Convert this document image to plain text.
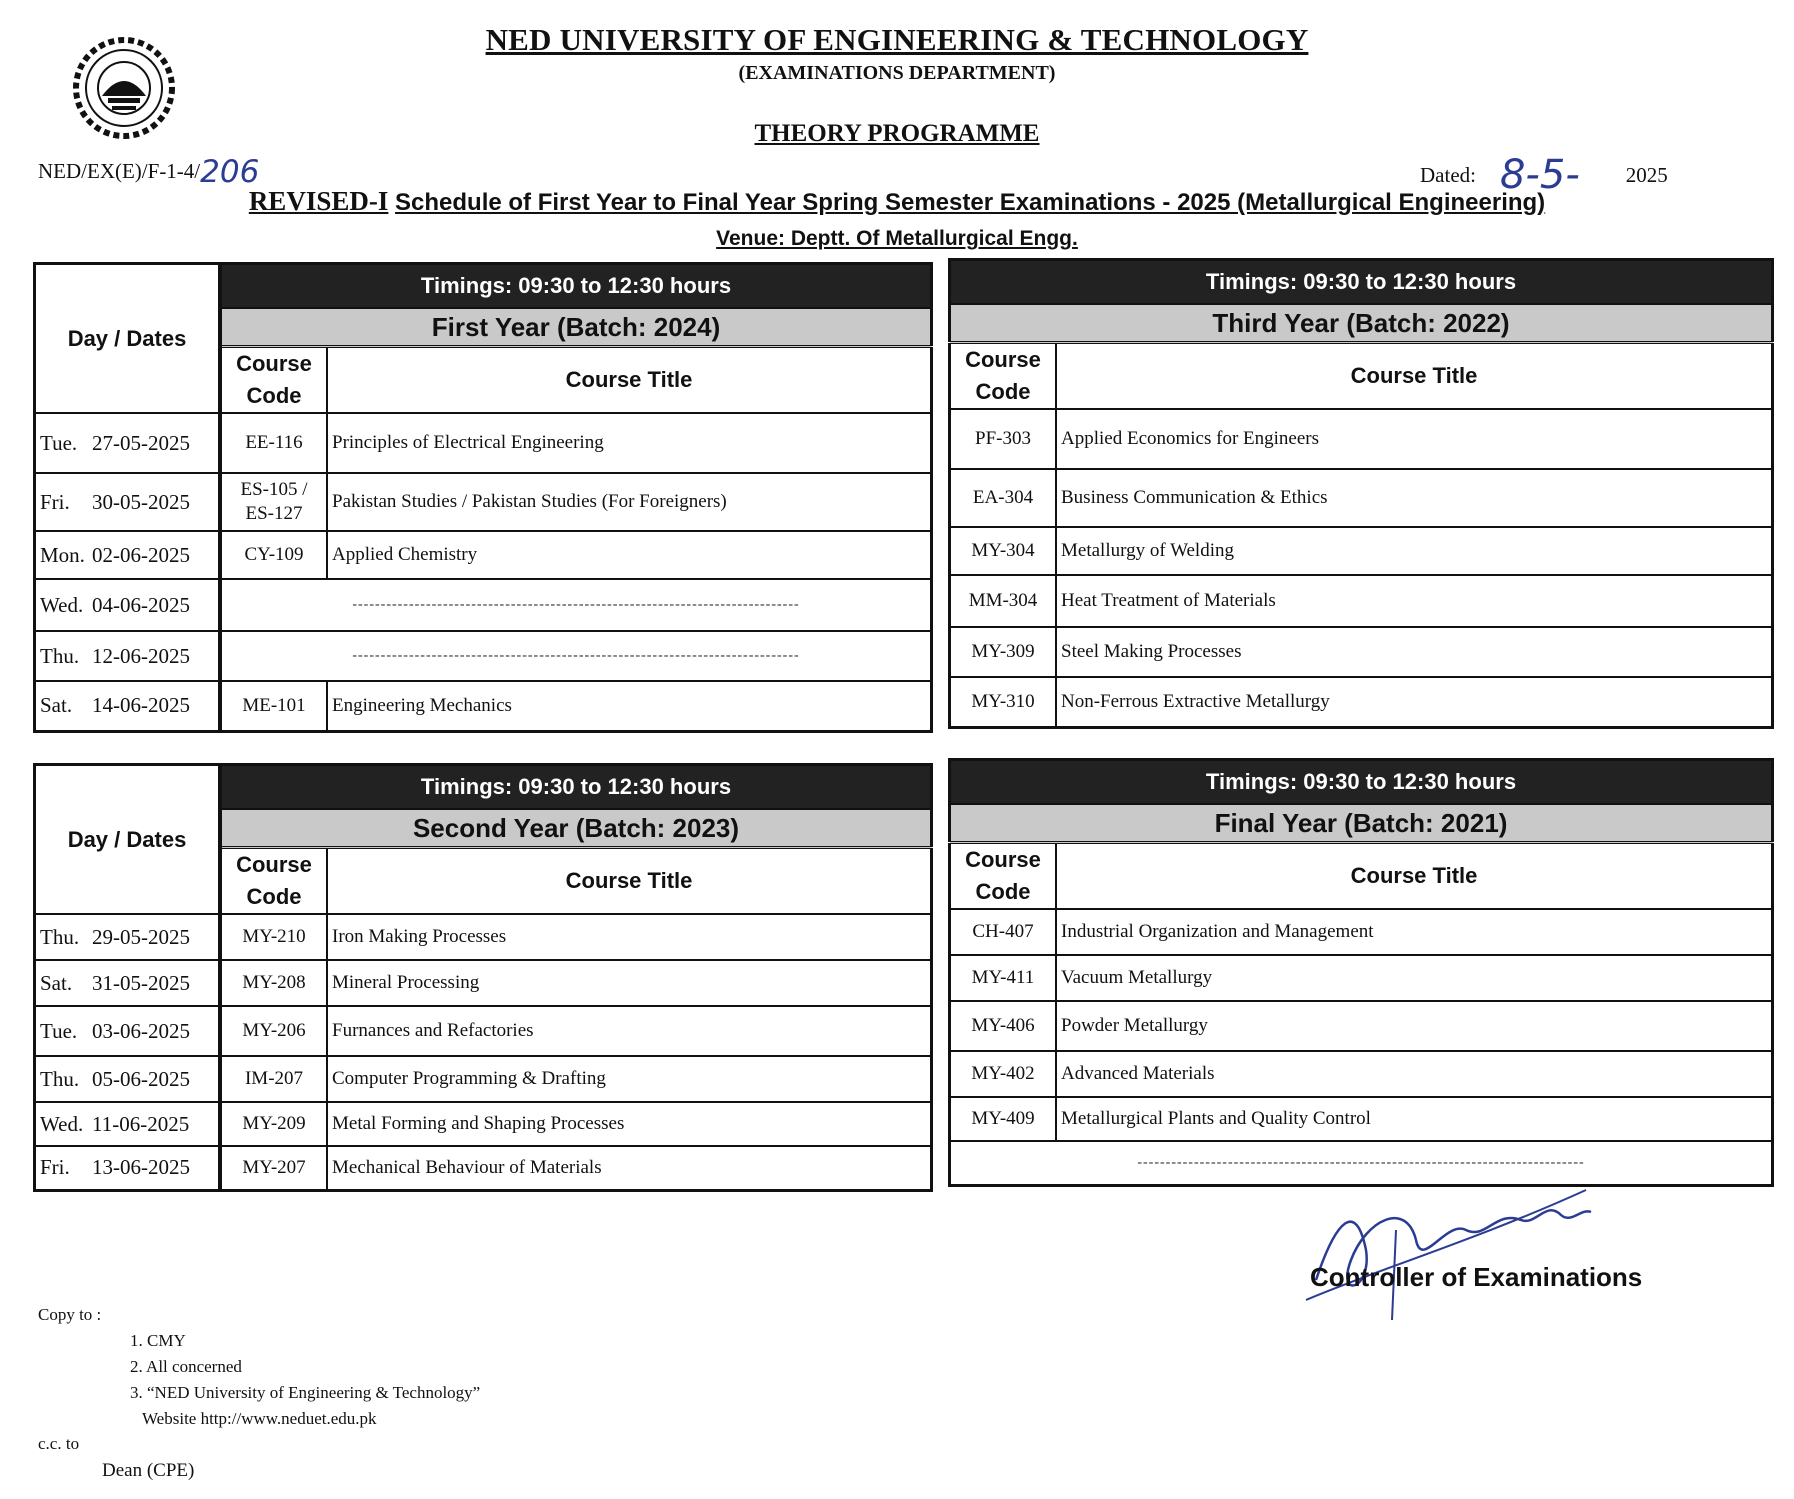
NED UNIVERSITY OF ENGINEERING & TECHNOLOGY
(EXAMINATIONS DEPARTMENT)
THEORY PROGRAMME
NED/EX(E)/F-1-4/206	Dated: 8-5- 2025
REVISED-I Schedule of First Year to Final Year Spring Semester Examinations - 2025 (Metallurgical Engineering)
Venue: Deptt. Of Metallurgical Engg.
Day / Dates	Timings: 09:30 to 12:30 hours	
	First Year (Batch: 2024)	
	Course
Code	Course Title
Tue. 27-05-2025	EE-116	Principles of Electrical Engineering
Fri. 30-05-2025	ES-105 /
ES-127	Pakistan Studies / Pakistan Studies (For Foreigners)
Mon. 02-06-2025	CY-109	Applied Chemistry
Wed. 04-06-2025	-------------------------------------------------------------------------------	
Thu. 12-06-2025	-------------------------------------------------------------------------------	
Sat. 14-06-2025	ME-101	Engineering Mechanics
Timings: 09:30 to 12:30 hours	
Third Year (Batch: 2022)	
Course
Code	Course Title
PF-303	Applied Economics for Engineers
EA-304	Business Communication & Ethics
MY-304	Metallurgy of Welding
MM-304	Heat Treatment of Materials
MY-309	Steel Making Processes
MY-310	Non-Ferrous Extractive Metallurgy
Day / Dates	Timings: 09:30 to 12:30 hours	
	Second Year (Batch: 2023)	
	Course
Code	Course Title
Thu. 29-05-2025	MY-210	Iron Making Processes
Sat. 31-05-2025	MY-208	Mineral Processing
Tue. 03-06-2025	MY-206	Furnances and Refactories
Thu. 05-06-2025	IM-207	Computer Programming & Drafting
Wed. 11-06-2025	MY-209	Metal Forming and Shaping Processes
Fri. 13-06-2025	MY-207	Mechanical Behaviour of Materials
Timings: 09:30 to 12:30 hours	
Final Year (Batch: 2021)	
Course
Code	Course Title
CH-407	Industrial Organization and Management
MY-411	Vacuum Metallurgy
MY-406	Powder Metallurgy
MY-402	Advanced Materials
MY-409	Metallurgical Plants and Quality Control
-------------------------------------------------------------------------------	
Controller of Examinations
Copy to :
1. CMY
2. All concerned
3. “NED University of Engineering & Technology”
Website http://www.neduet.edu.pk
c.c. to
Dean (CPE)
